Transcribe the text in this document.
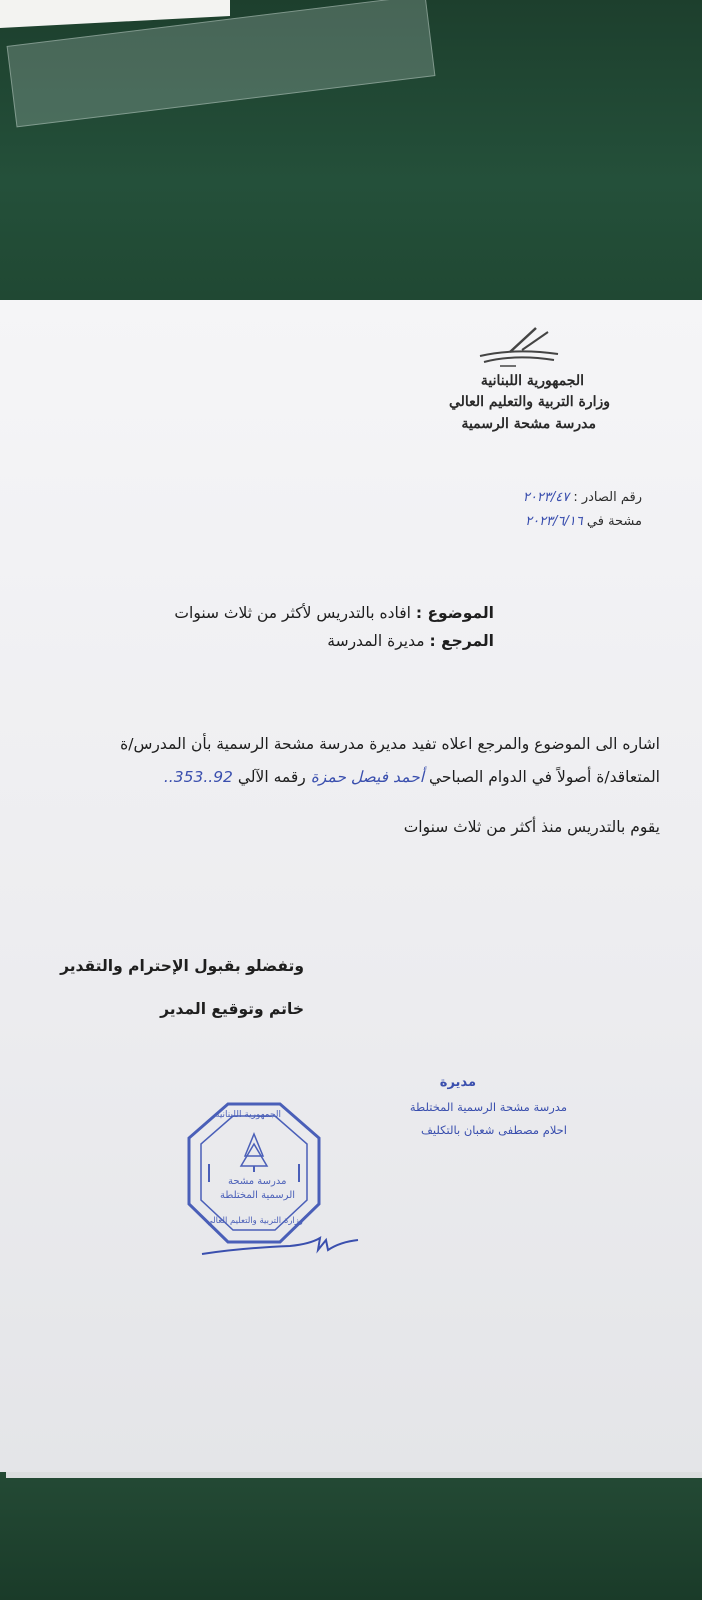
الجمهورية اللبنانية
وزارة التربية والتعليم العالي
مدرسة مشحة الرسمية
رقم الصادر : ٢٠٢٣/٤٧
مشحة في ٢٠٢٣/٦/١٦
الموضوع : افاده بالتدريس لأكثر من ثلاث سنوات
المرجع : مديرة المدرسة
اشاره الى الموضوع والمرجع اعلاه تفيد مديرة مدرسة مشحة الرسمية بأن المدرس/ة
المتعاقد/ة أصولاً في الدوام الصباحي أحمد فيصل حمزة رقمه الآلي 92..353..
يقوم بالتدريس منذ أكثر من ثلاث سنوات
وتفضلو بقبول الإحترام والتقدير
خاتم وتوقيع المدير
مديرة
مدرسة مشحة الرسمية المختلطة
احلام مصطفى شعبان بالتكليف
الجمهورية اللبنانية
مدرسة مشحة
الرسمية المختلطة
وزارة التربية والتعليم العالي
